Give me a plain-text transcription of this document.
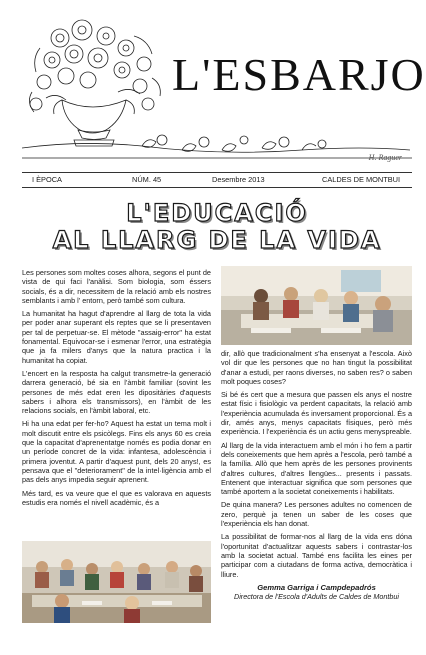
L'ESBARJO
H. Raguer
I ÈPOCA	NÚM. 45	Desembre 2013	CALDES DE MONTBUI
L'EDUCACIÓ
AL LLARG DE LA VIDA

Les persones som moltes coses alhora, segons el punt de vista de qui faci l'anàlisi. Som biologia, som éssers socials, és a dir, necessitem de la relació amb els nostres semblants i amb l' entorn, però també som cultura.

La humanitat ha hagut d'aprendre al llarg de tota la vida per poder anar superant els reptes que se li presentaven per tal de perpetuar-se. El mètode "assaig-error" ha estat fonamental. Equivocar-se i esmenar l'error, una estratègia que ja fa milers d'anys que la natura practica i la humanitat ha copiat.

L'encert en la resposta ha calgut transmetre-la generació darrera generació, bé sia en l'àmbit familiar (sovint les persones de més edat eren les dipositàries d'aquests sabers i alhora els transmissors), en l'àmbit de les relacions socials, en l'àmbit laboral, etc.

Hi ha una edat per fer-ho? Aquest ha estat un tema molt i molt discutit entre els psicòlegs. Fins els anys 60 es creia que la capacitat d'aprenentatge només es podia donar en un període concret de la vida: infantesa, adolescència i primera joventut. A partir d'aquest punt, dels 20 anys!, es pensava que el "deteriorament" de la intel·ligència amb el pas dels anys impedia seguir aprenent.

Més tard, es va veure que el que es valorava en aquests estudis era només el nivell acadèmic, és a

dir, allò que tradicionalment s'ha ensenyat a l'escola. Això vol dir que les persones que no han tingut la possibilitat d'anar a estudi, per raons diverses, no saben res? o saben molt poques coses?

Si bé és cert que a mesura que passen els anys el nostre estat físic i fisiològic va perdent capacitats, la relació amb l'experiència acumulada és inversament proporcional. És a dir, amés anys, menys capacitats físiques, però més experiència. I l'experiència és un actiu gens menyspreable.

Al llarg de la vida interactuem amb el món i ho fem a partir dels coneixements que hem après a l'escola, però també a la família. Allò que hem après de les persones provinents d'altres cultures, d'altres llengües... presents i passats. Entenent que interactuar significa que som persones que també aportem a la societat coneixements i habilitats.

De quina manera? Les persones adultes no comencen de zero, perquè ja tenen un saber de les coses que l'experiència els han donat.

La possibilitat de formar-nos al llarg de la vida ens dóna l'oportunitat d'actualitzar aquests sabers i contrastar-los amb la societat actual. També ens facilita les eines per participar com a ciutadans de forma activa, democràtica i lliure.

Gemma Garriga i Campdepadrós
Directora de l'Escola d'Adults de Caldes de Montbui
